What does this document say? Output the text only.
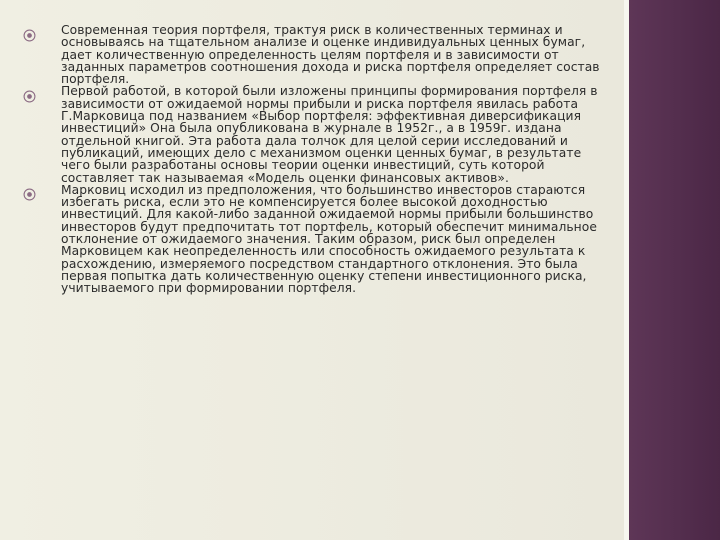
Современная теория портфеля, трактуя риск в количественных терминах и основываясь на тщательном анализе и оценке индивидуальных ценных бумаг, дает количественную определенность целям портфеля и в зависимости от заданных параметров соотношения дохода и риска портфеля определяет состав портфеля.
Первой работой, в которой были изложены принципы формирования портфеля в зависимости от ожидаемой нормы прибыли и риска портфеля явилась работа Г.Марковица под названием «Выбор портфеля: эффективная диверсификация инвестиций» Она была опубликована в журнале в 1952г., а в 1959г. издана отдельной книгой. Эта работа дала толчок для целой серии исследований и публикаций, имеющих дело с механизмом оценки ценных бумаг, в результате чего были разработаны основы теории оценки инвестиций, суть которой составляет так называемая «Модель оценки финансовых активов».
Марковиц исходил из предположения, что большинство инвесторов стараются избегать риска, если это не компенсируется более высокой доходностью инвестиций. Для какой-либо заданной ожидаемой нормы прибыли большинство инвесторов будут предпочитать тот портфель, который обеспечит минимальное отклонение от ожидаемого значения. Таким образом, риск был определен Марковицем как неопределенность или способность ожидаемого результата к расхождению, измеряемого посредством стандартного отклонения. Это была первая попытка дать количественную оценку степени инвестиционного риска, учитываемого при формировании портфеля.
